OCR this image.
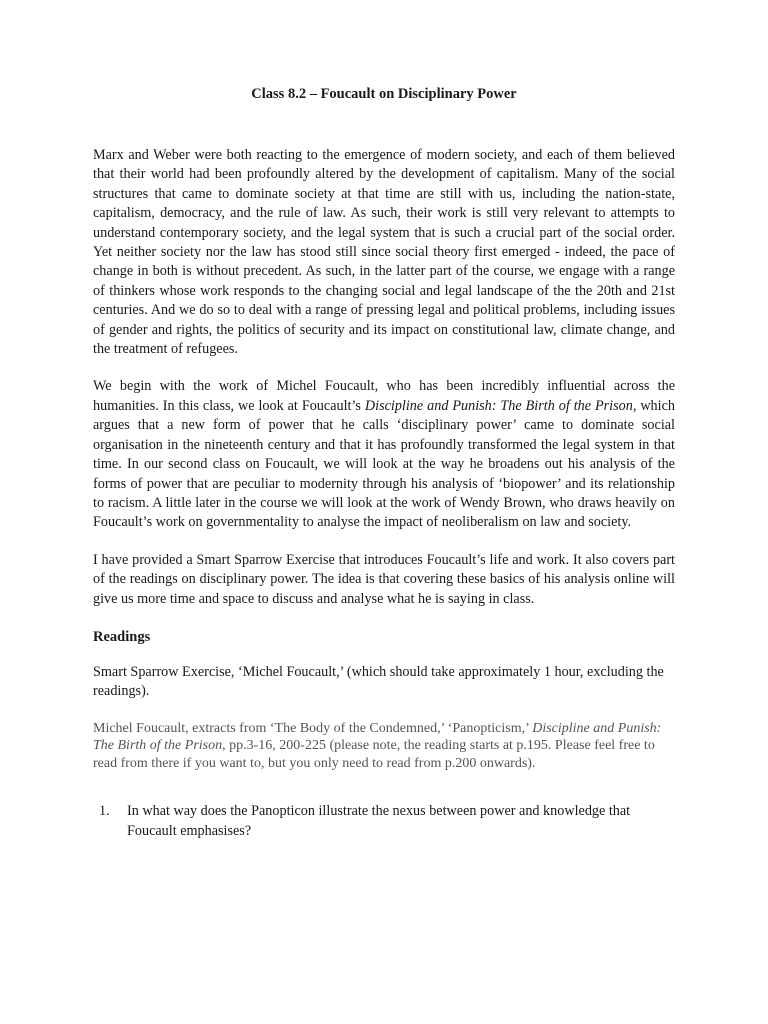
Class 8.2 – Foucault on Disciplinary Power

Marx and Weber were both reacting to the emergence of modern society, and each of them believed that their world had been profoundly altered by the development of capitalism. Many of the social structures that came to dominate society at that time are still with us, including the nation-state, capitalism, democracy, and the rule of law. As such, their work is still very relevant to attempts to understand contemporary society, and the legal system that is such a crucial part of the social order. Yet neither society nor the law has stood still since social theory first emerged - indeed, the pace of change in both is without precedent. As such, in the latter part of the course, we engage with a range of thinkers whose work responds to the changing social and legal landscape of the the 20th and 21st centuries. And we do so to deal with a range of pressing legal and political problems, including issues of gender and rights, the politics of security and its impact on constitutional law, climate change, and the treatment of refugees.

We begin with the work of Michel Foucault, who has been incredibly influential across the humanities. In this class, we look at Foucault’s Discipline and Punish: The Birth of the Prison, which argues that a new form of power that he calls ‘disciplinary power’ came to dominate social organisation in the nineteenth century and that it has profoundly transformed the legal system in that time. In our second class on Foucault, we will look at the way he broadens out his analysis of the forms of power that are peculiar to modernity through his analysis of ‘biopower’ and its relationship to racism. A little later in the course we will look at the work of Wendy Brown, who draws heavily on Foucault’s work on governmentality to analyse the impact of neoliberalism on law and society.

I have provided a Smart Sparrow Exercise that introduces Foucault’s life and work. It also covers part of the readings on disciplinary power. The idea is that covering these basics of his analysis online will give us more time and space to discuss and analyse what he is saying in class.

Readings

Smart Sparrow Exercise, ‘Michel Foucault,’ (which should take approximately 1 hour, excluding the readings).

Michel Foucault, extracts from ‘The Body of the Condemned,’ ‘Panopticism,’ Discipline and Punish: The Birth of the Prison, pp.3-16, 200-225 (please note, the reading starts at p.195. Please feel free to read from there if you want to, but you only need to read from p.200 onwards).

1.	In what way does the Panopticon illustrate the nexus between power and knowledge that Foucault emphasises?
